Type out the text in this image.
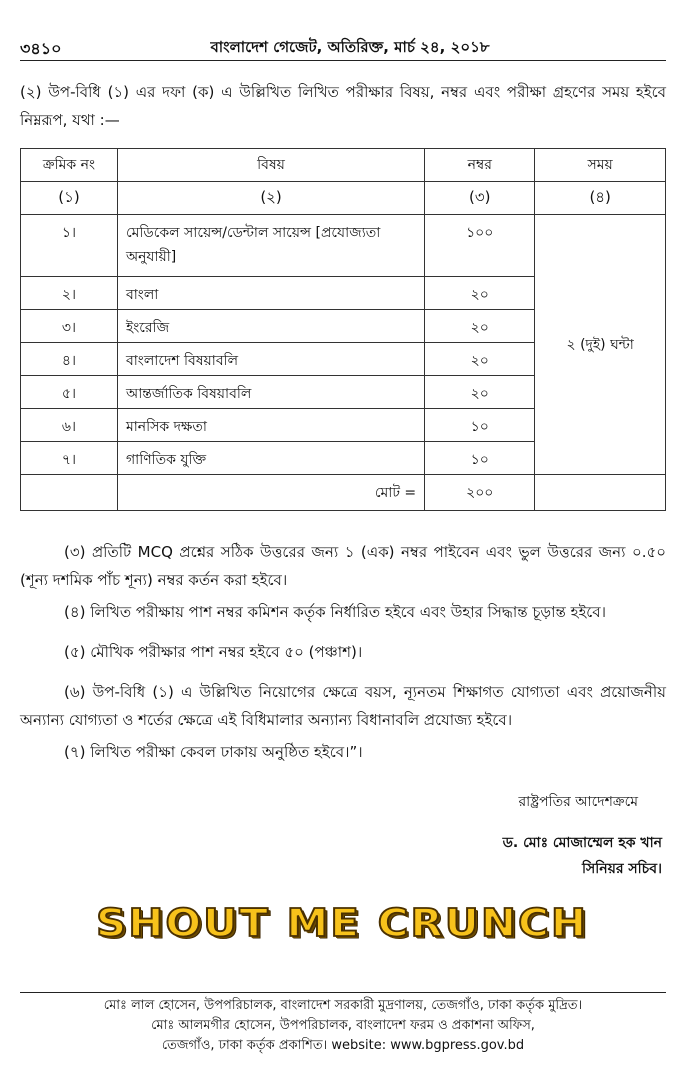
৩৪১০	বাংলাদেশ গেজেট, অতিরিক্ত, মার্চ ২৪, ২০১৮
(২) উপ-বিধি (১) এর দফা (ক) এ উল্লিখিত লিখিত পরীক্ষার বিষয়, নম্বর এবং পরীক্ষা গ্রহণের সময় হইবে নিম্নরূপ, যথা :—
ক্রমিক নং	বিষয়	নম্বর	সময়
(১)	(২)	(৩)	(৪)
১।	মেডিকেল সায়েন্স/ডেন্টাল সায়েন্স [প্রযোজ্যতা অনুযায়ী]	১০০	২ (দুই) ঘন্টা
২।	বাংলা	২০	
৩।	ইংরেজি	২০	
৪।	বাংলাদেশ বিষয়াবলি	২০	
৫।	আন্তর্জাতিক বিষয়াবলি	২০	
৬।	মানসিক দক্ষতা	১০	
৭।	গাণিতিক যুক্তি	১০	
	মোট =	২০০	
(৩) প্রতিটি MCQ প্রশ্নের সঠিক উত্তরের জন্য ১ (এক) নম্বর পাইবেন এবং ভুল উত্তরের জন্য ০.৫০ (শূন্য দশমিক পাঁচ শূন্য) নম্বর কর্তন করা হইবে।
(৪) লিখিত পরীক্ষায় পাশ নম্বর কমিশন কর্তৃক নির্ধারিত হইবে এবং উহার সিদ্ধান্ত চূড়ান্ত হইবে।
(৫) মৌখিক পরীক্ষার পাশ নম্বর হইবে ৫০ (পঞ্চাশ)।
(৬) উপ-বিধি (১) এ উল্লিখিত নিয়োগের ক্ষেত্রে বয়স, ন্যূনতম শিক্ষাগত যোগ্যতা এবং প্রয়োজনীয় অন্যান্য যোগ্যতা ও শর্তের ক্ষেত্রে এই বিধিমালার অন্যান্য বিধানাবলি প্রযোজ্য হইবে।
(৭) লিখিত পরীক্ষা কেবল ঢাকায় অনুষ্ঠিত হইবে।”।
রাষ্ট্রপতির আদেশক্রমে
ড. মোঃ মোজাম্মেল হক খান
সিনিয়র সচিব।
SHOUT ME CRUNCH
মোঃ লাল হোসেন, উপপরিচালক, বাংলাদেশ সরকারী মুদ্রণালয়, তেজগাঁও, ঢাকা কর্তৃক মুদ্রিত।
মোঃ আলমগীর হোসেন, উপপরিচালক, বাংলাদেশ ফরম ও প্রকাশনা অফিস,
তেজগাঁও, ঢাকা কর্তৃক প্রকাশিত। website: www.bgpress.gov.bd
